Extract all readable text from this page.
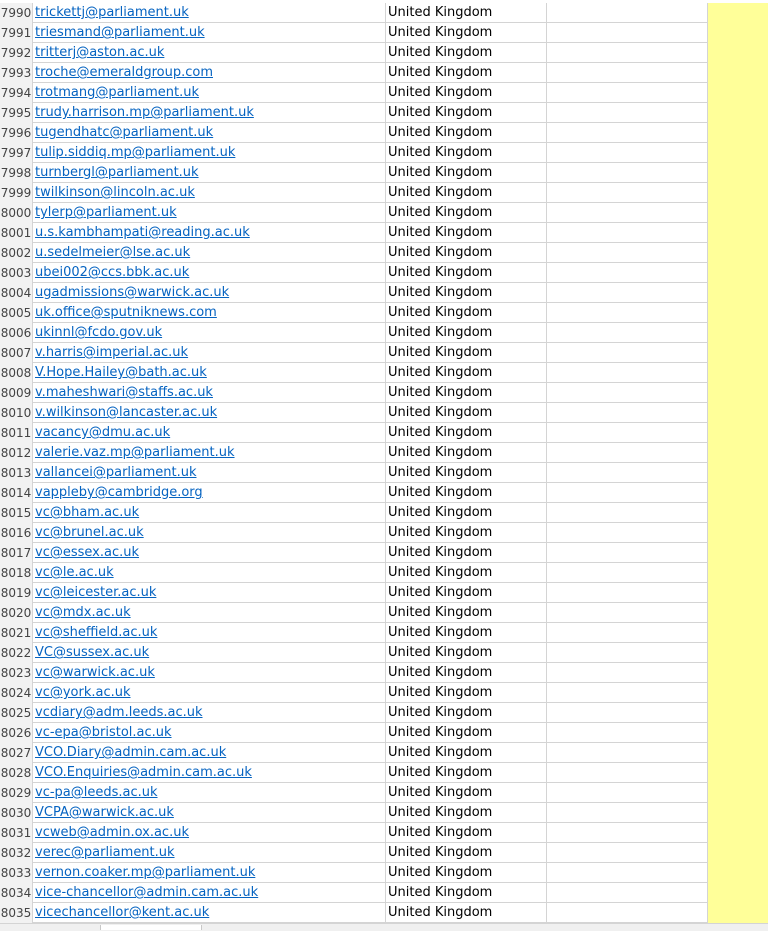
7990 trickettj@parliament.uk	United Kingdom
7991 triesmand@parliament.uk	United Kingdom
7992 tritterj@aston.ac.uk	United Kingdom
7993 troche@emeraldgroup.com	United Kingdom
7994 trotmang@parliament.uk	United Kingdom
7995 trudy.harrison.mp@parliament.uk	United Kingdom
7996 tugendhatc@parliament.uk	United Kingdom
7997 tulip.siddiq.mp@parliament.uk	United Kingdom
7998 turnbergl@parliament.uk	United Kingdom
7999 twilkinson@lincoln.ac.uk	United Kingdom
8000 tylerp@parliament.uk	United Kingdom
8001 u.s.kambhampati@reading.ac.uk	United Kingdom
8002 u.sedelmeier@lse.ac.uk	United Kingdom
8003 ubei002@ccs.bbk.ac.uk	United Kingdom
8004 ugadmissions@warwick.ac.uk	United Kingdom
8005 uk.office@sputniknews.com	United Kingdom
8006 ukinnl@fcdo.gov.uk	United Kingdom
8007 v.harris@imperial.ac.uk	United Kingdom
8008 V.Hope.Hailey@bath.ac.uk	United Kingdom
8009 v.maheshwari@staffs.ac.uk	United Kingdom
8010 v.wilkinson@lancaster.ac.uk	United Kingdom
8011 vacancy@dmu.ac.uk	United Kingdom
8012 valerie.vaz.mp@parliament.uk	United Kingdom
8013 vallancei@parliament.uk	United Kingdom
8014 vappleby@cambridge.org	United Kingdom
8015 vc@bham.ac.uk	United Kingdom
8016 vc@brunel.ac.uk	United Kingdom
8017 vc@essex.ac.uk	United Kingdom
8018 vc@le.ac.uk	United Kingdom
8019 vc@leicester.ac.uk	United Kingdom
8020 vc@mdx.ac.uk	United Kingdom
8021 vc@sheffield.ac.uk	United Kingdom
8022 VC@sussex.ac.uk	United Kingdom
8023 vc@warwick.ac.uk	United Kingdom
8024 vc@york.ac.uk	United Kingdom
8025 vcdiary@adm.leeds.ac.uk	United Kingdom
8026 vc-epa@bristol.ac.uk	United Kingdom
8027 VCO.Diary@admin.cam.ac.uk	United Kingdom
8028 VCO.Enquiries@admin.cam.ac.uk	United Kingdom
8029 vc-pa@leeds.ac.uk	United Kingdom
8030 VCPA@warwick.ac.uk	United Kingdom
8031 vcweb@admin.ox.ac.uk	United Kingdom
8032 verec@parliament.uk	United Kingdom
8033 vernon.coaker.mp@parliament.uk	United Kingdom
8034 vice-chancellor@admin.cam.ac.uk	United Kingdom
8035 vicechancellor@kent.ac.uk	United Kingdom
